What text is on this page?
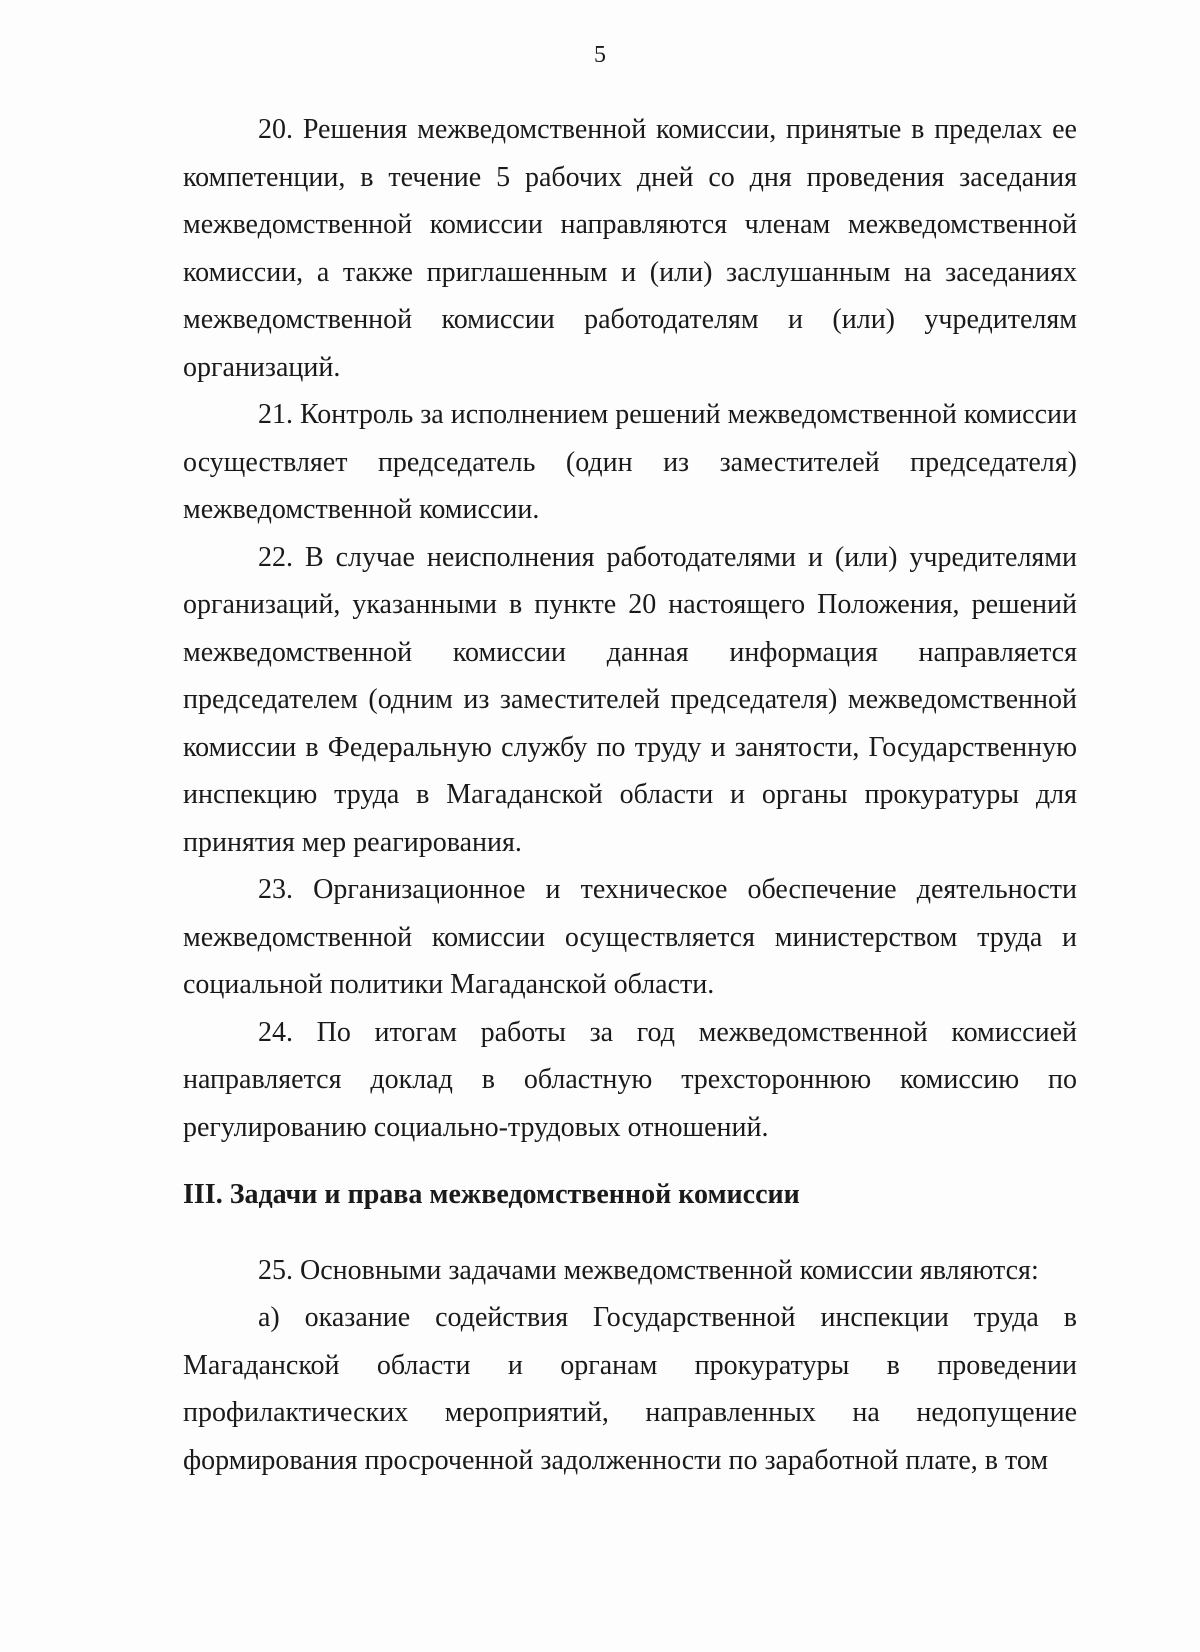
5

20. Решения межведомственной комиссии, принятые в пределах ее компетенции, в течение 5 рабочих дней со дня проведения заседания межведомственной комиссии направляются членам межведомственной комиссии, а также приглашенным и (или) заслушанным на заседаниях межведомственной комиссии работодателям и (или) учредителям организаций.

21. Контроль за исполнением решений межведомственной комиссии осуществляет председатель (один из заместителей председателя) межведомственной комиссии.

22. В случае неисполнения работодателями и (или) учредителями организаций, указанными в пункте 20 настоящего Положения, решений межведомственной комиссии данная информация направляется председателем (одним из заместителей председателя) межведомственной комиссии в Федеральную службу по труду и занятости, Государственную инспекцию труда в Магаданской области и органы прокуратуры для принятия мер реагирования.

23. Организационное и техническое обеспечение деятельности межведомственной комиссии осуществляется министерством труда и социальной политики Магаданской области.

24. По итогам работы за год межведомственной комиссией направляется доклад в областную трехстороннюю комиссию по регулированию социально-трудовых отношений.

III. Задачи и права межведомственной комиссии

25. Основными задачами межведомственной комиссии являются:

а) оказание содействия Государственной инспекции труда в Магаданской области и органам прокуратуры в проведении профилактических мероприятий, направленных на недопущение формирования просроченной задолженности по заработной плате, в том
